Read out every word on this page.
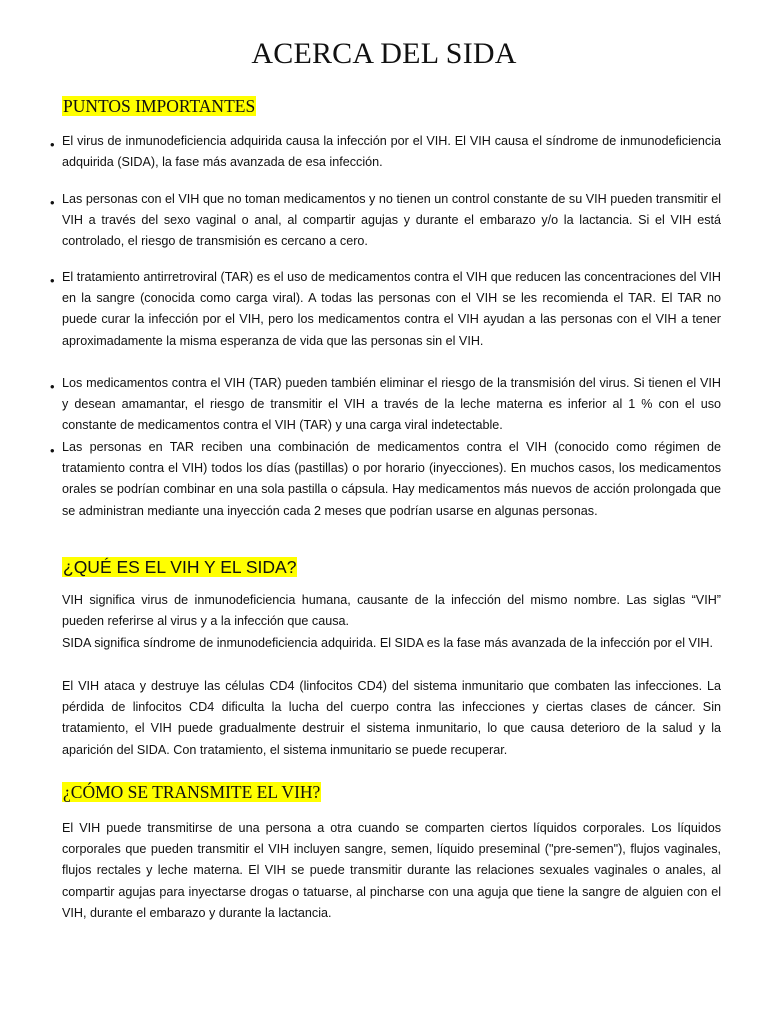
ACERCA DEL SIDA
PUNTOS IMPORTANTES
• El virus de inmunodeficiencia adquirida causa la infección por el VIH. El VIH causa el síndrome de inmunodeficiencia adquirida (SIDA), la fase más avanzada de esa infección.
• Las personas con el VIH que no toman medicamentos y no tienen un control constante de su VIH pueden transmitir el VIH a través del sexo vaginal o anal, al compartir agujas y durante el embarazo y/o la lactancia. Si el VIH está controlado, el riesgo de transmisión es cercano a cero.
• El tratamiento antirretroviral (TAR) es el uso de medicamentos contra el VIH que reducen las concentraciones del VIH en la sangre (conocida como carga viral). A todas las personas con el VIH se les recomienda el TAR. El TAR no puede curar la infección por el VIH, pero los medicamentos contra el VIH ayudan a las personas con el VIH a tener aproximadamente la misma esperanza de vida que las personas sin el VIH.
• Los medicamentos contra el VIH (TAR) pueden también eliminar el riesgo de la transmisión del virus. Si tienen el VIH y desean amamantar, el riesgo de transmitir el VIH a través de la leche materna es inferior al 1 % con el uso constante de medicamentos contra el VIH (TAR) y una carga viral indetectable.
• Las personas en TAR reciben una combinación de medicamentos contra el VIH (conocido como régimen de tratamiento contra el VIH) todos los días (pastillas) o por horario (inyecciones). En muchos casos, los medicamentos orales se podrían combinar en una sola pastilla o cápsula. Hay medicamentos más nuevos de acción prolongada que se administran mediante una inyección cada 2 meses que podrían usarse en algunas personas.
¿QUÉ ES EL VIH Y EL SIDA?
VIH significa virus de inmunodeficiencia humana, causante de la infección del mismo nombre. Las siglas “VIH” pueden referirse al virus y a la infección que causa.
SIDA significa síndrome de inmunodeficiencia adquirida. El SIDA es la fase más avanzada de la infección por el VIH.
El VIH ataca y destruye las células CD4 (linfocitos CD4) del sistema inmunitario que combaten las infecciones. La pérdida de linfocitos CD4 dificulta la lucha del cuerpo contra las infecciones y ciertas clases de cáncer. Sin tratamiento, el VIH puede gradualmente destruir el sistema inmunitario, lo que causa deterioro de la salud y la aparición del SIDA. Con tratamiento, el sistema inmunitario se puede recuperar.
¿CÓMO SE TRANSMITE EL VIH?
El VIH puede transmitirse de una persona a otra cuando se comparten ciertos líquidos corporales. Los líquidos corporales que pueden transmitir el VIH incluyen sangre, semen, líquido preseminal ("pre-semen"), flujos vaginales, flujos rectales y leche materna. El VIH se puede transmitir durante las relaciones sexuales vaginales o anales, al compartir agujas para inyectarse drogas o tatuarse, al pincharse con una aguja que tiene la sangre de alguien con el VIH, durante el embarazo y durante la lactancia.
